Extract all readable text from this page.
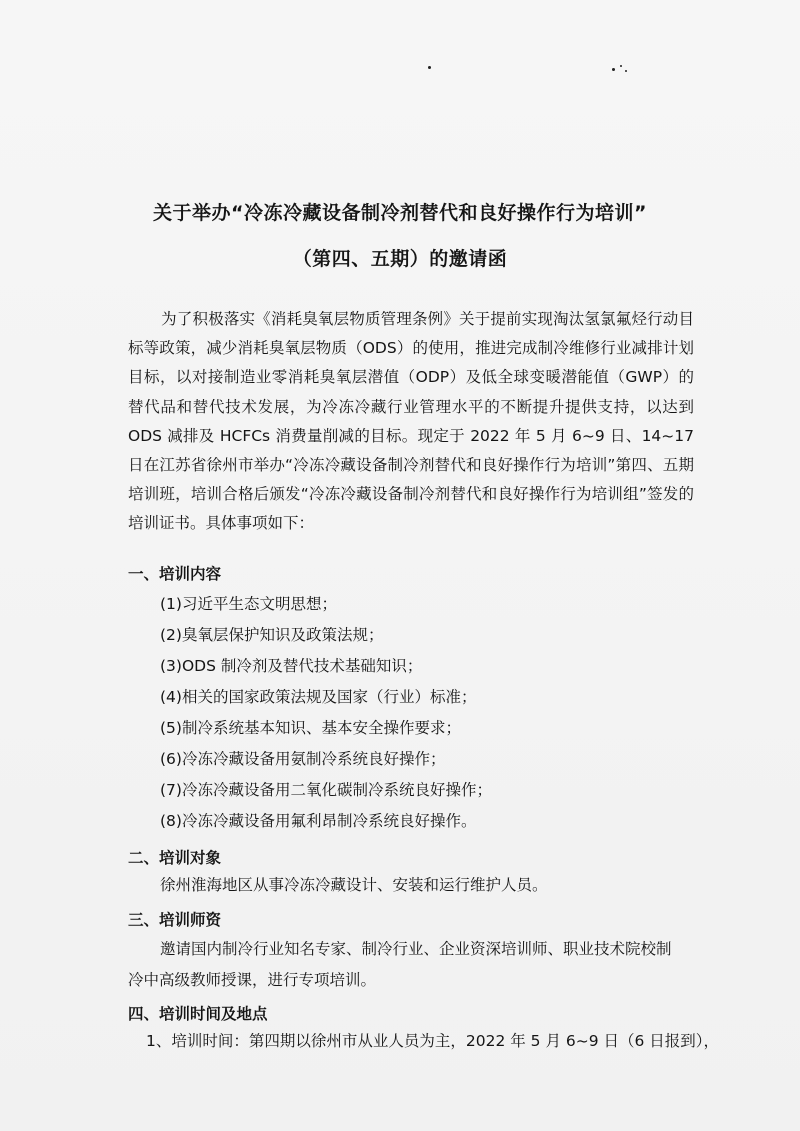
关于举办“冷冻冷藏设备制冷剂替代和良好操作行为培训”
（第四、五期）的邀请函
为了积极落实《消耗臭氧层物质管理条例》关于提前实现淘汰氢氯氟烃行动目标等政策，减少消耗臭氧层物质（ODS）的使用，推进完成制冷维修行业减排计划目标，以对接制造业零消耗臭氧层潜值（ODP）及低全球变暖潜能值（GWP）的替代品和替代技术发展，为冷冻冷藏行业管理水平的不断提升提供支持，以达到 ODS 减排及 HCFCs 消费量削减的目标。现定于 2022 年 5 月 6~9 日、14~17 日在江苏省徐州市举办“冷冻冷藏设备制冷剂替代和良好操作行为培训”第四、五期培训班，培训合格后颁发“冷冻冷藏设备制冷剂替代和良好操作行为培训组”签发的培训证书。具体事项如下：
一、培训内容
(1)习近平生态文明思想；
(2)臭氧层保护知识及政策法规；
(3)ODS 制冷剂及替代技术基础知识；
(4)相关的国家政策法规及国家（行业）标准；
(5)制冷系统基本知识、基本安全操作要求；
(6)冷冻冷藏设备用氨制冷系统良好操作；
(7)冷冻冷藏设备用二氧化碳制冷系统良好操作；
(8)冷冻冷藏设备用氟利昂制冷系统良好操作。
二、培训对象
徐州淮海地区从事冷冻冷藏设计、安装和运行维护人员。
三、培训师资
邀请国内制冷行业知名专家、制冷行业、企业资深培训师、职业技术院校制
冷中高级教师授课，进行专项培训。
四、培训时间及地点
1、培训时间：第四期以徐州市从业人员为主，2022 年 5 月 6~9 日（6 日报到），
